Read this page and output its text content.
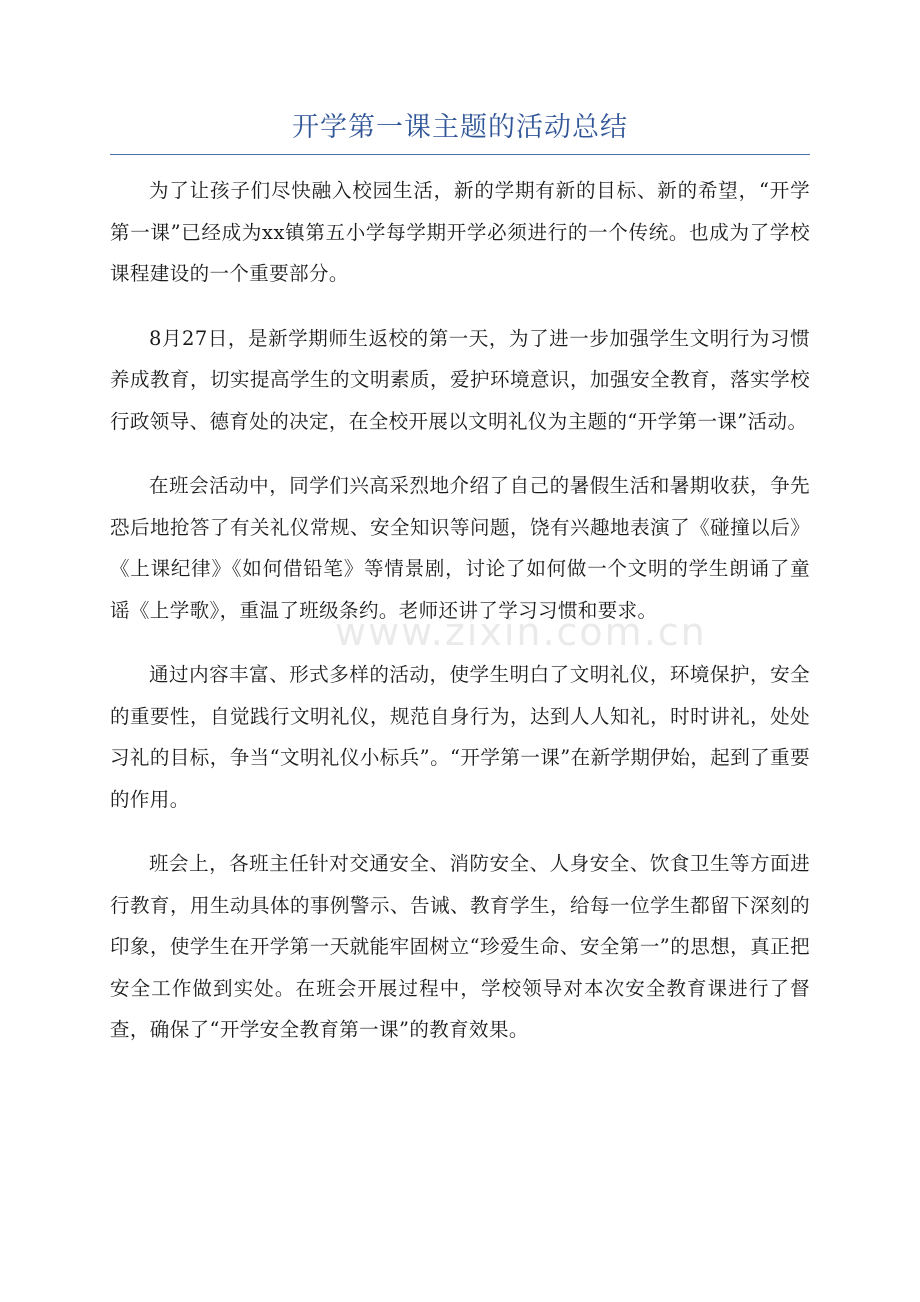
开学第一课主题的活动总结

为了让孩子们尽快融入校园生活，新的学期有新的目标、新的希望，“开学第一课”已经成为xx镇第五小学每学期开学必须进行的一个传统。也成为了学校课程建设的一个重要部分。

8月27日，是新学期师生返校的第一天，为了进一步加强学生文明行为习惯养成教育，切实提高学生的文明素质，爱护环境意识，加强安全教育，落实学校行政领导、德育处的决定，在全校开展以文明礼仪为主题的“开学第一课”活动。

在班会活动中，同学们兴高采烈地介绍了自己的暑假生活和暑期收获，争先恐后地抢答了有关礼仪常规、安全知识等问题，饶有兴趣地表演了《碰撞以后》《上课纪律》《如何借铅笔》等情景剧，讨论了如何做一个文明的学生朗诵了童谣《上学歌》，重温了班级条约。老师还讲了学习习惯和要求。

通过内容丰富、形式多样的活动，使学生明白了文明礼仪，环境保护，安全的重要性，自觉践行文明礼仪，规范自身行为，达到人人知礼，时时讲礼，处处习礼的目标，争当“文明礼仪小标兵”。“开学第一课”在新学期伊始，起到了重要的作用。

班会上，各班主任针对交通安全、消防安全、人身安全、饮食卫生等方面进行教育，用生动具体的事例警示、告诫、教育学生，给每一位学生都留下深刻的印象，使学生在开学第一天就能牢固树立“珍爱生命、安全第一”的思想，真正把安全工作做到实处。在班会开展过程中，学校领导对本次安全教育课进行了督查，确保了“开学安全教育第一课”的教育效果。

www.zixin.com.cn
